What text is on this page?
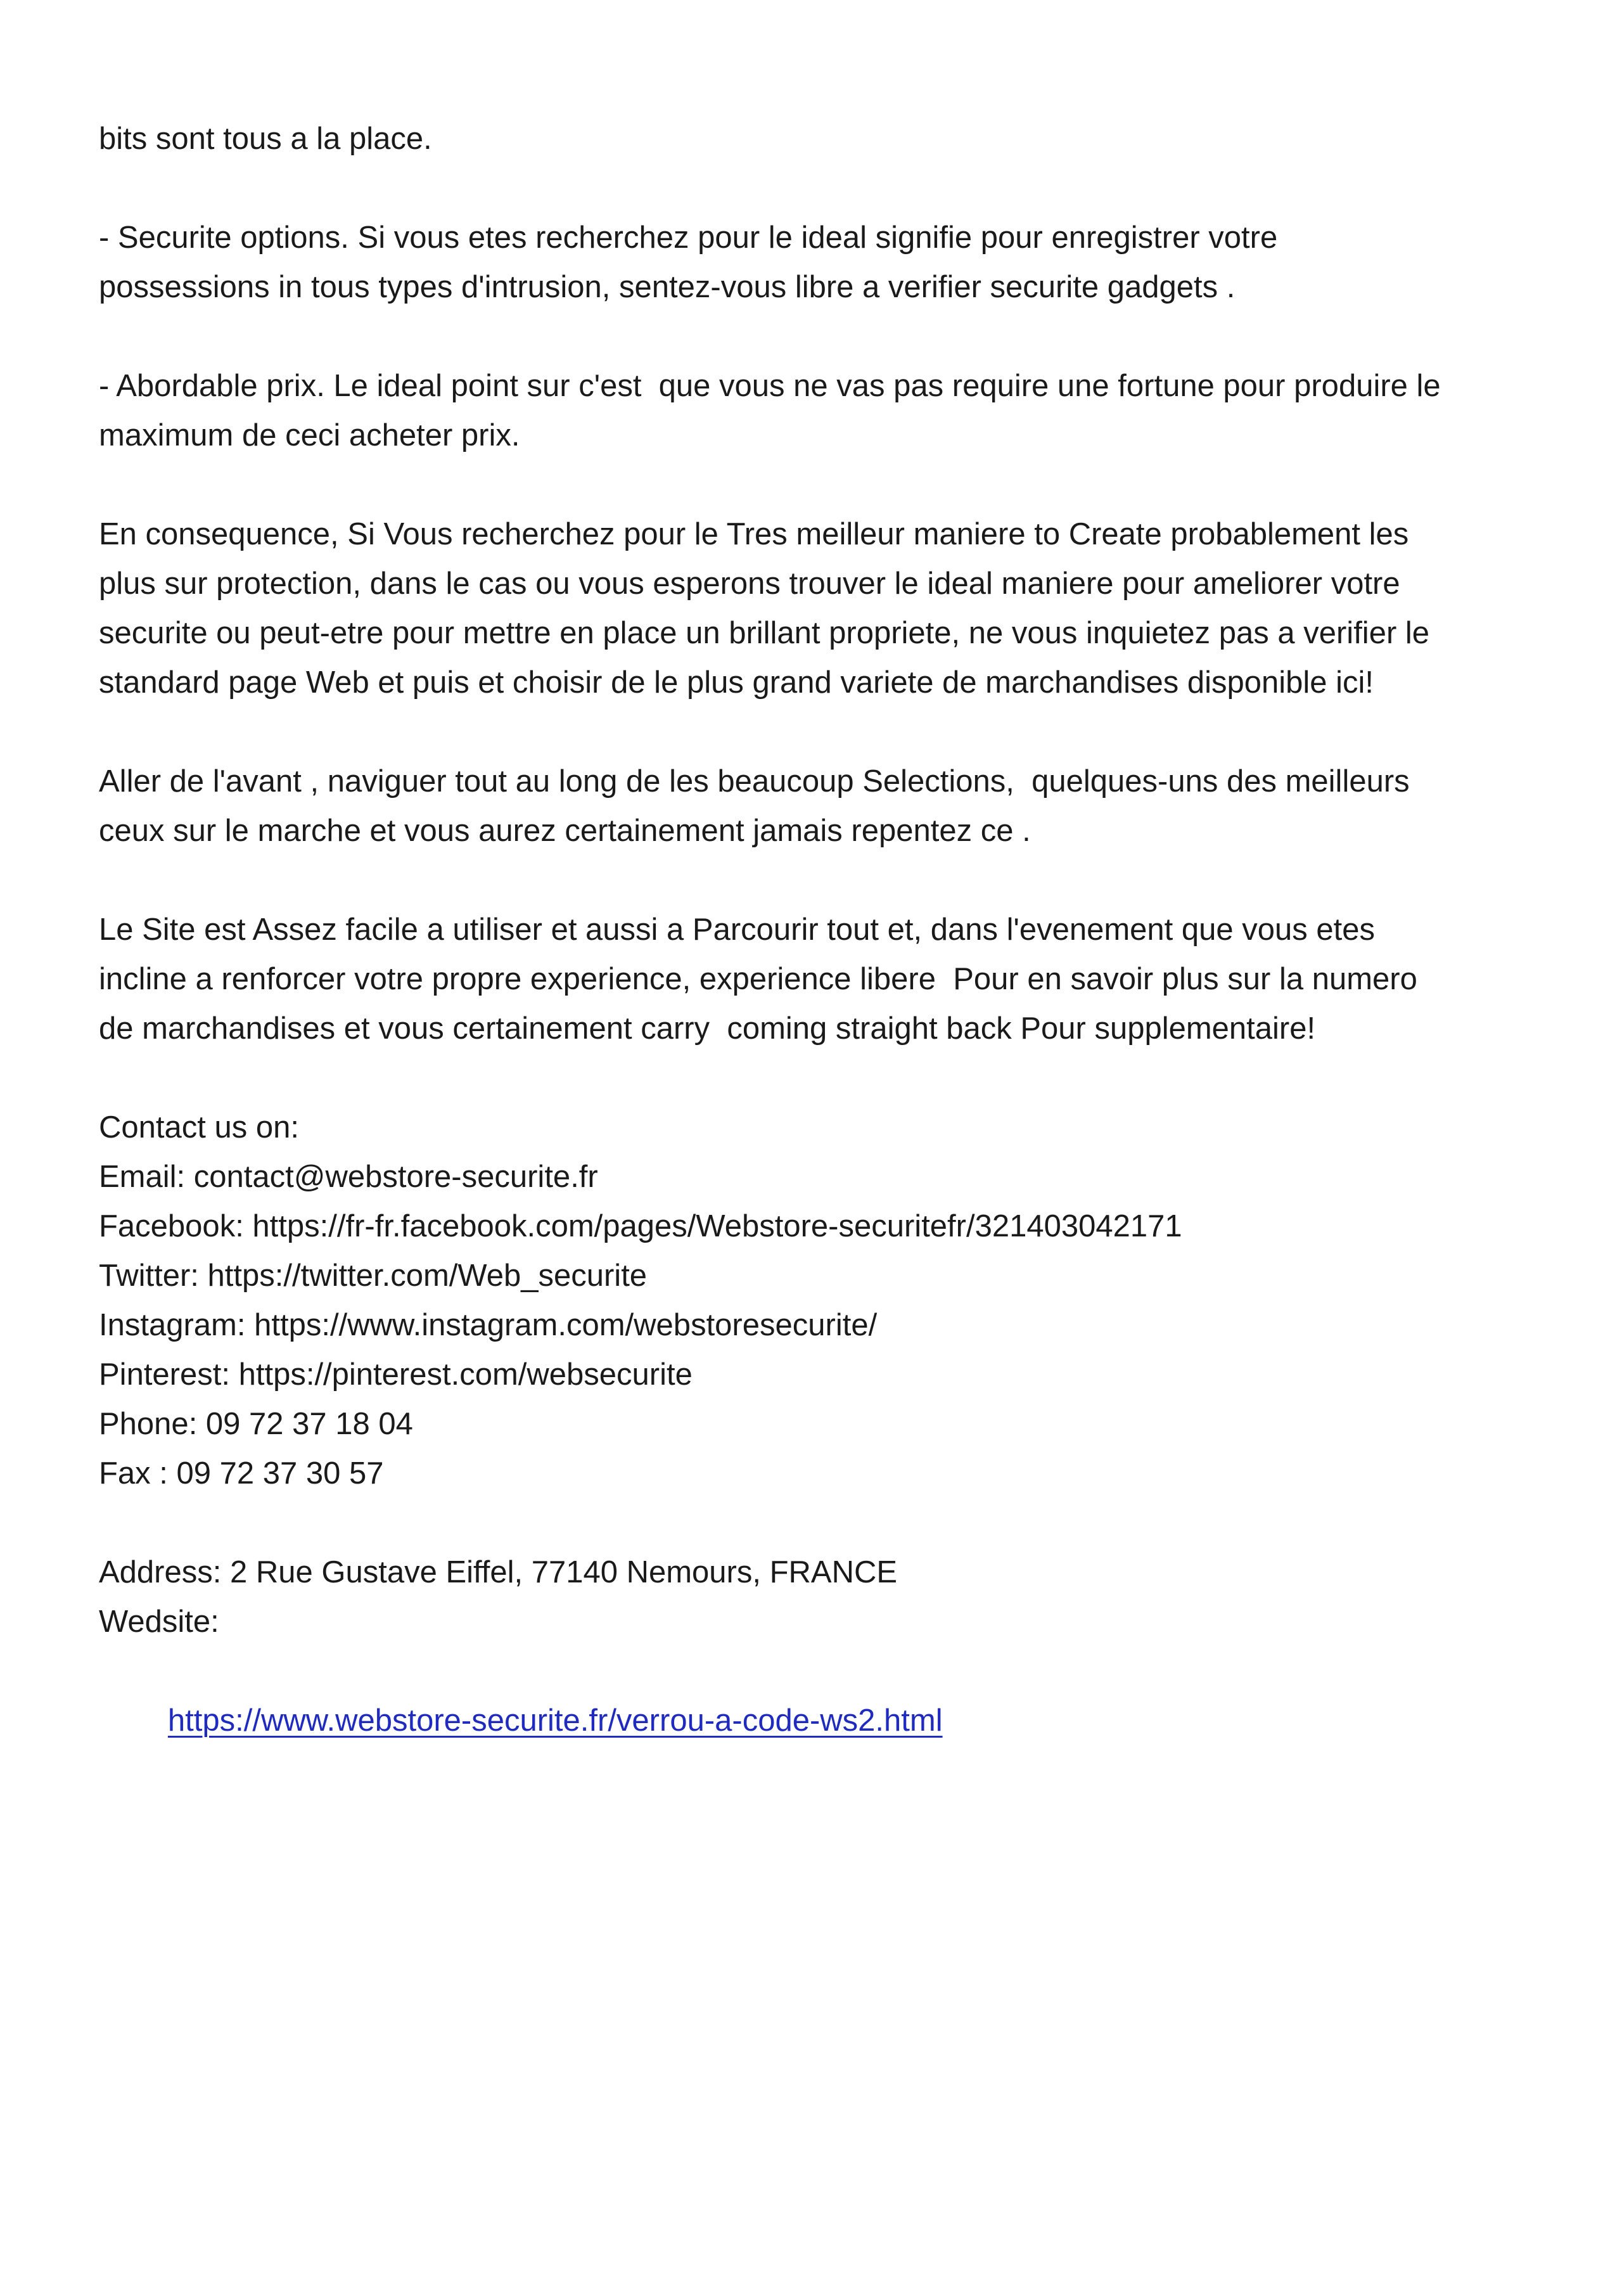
bits sont tous a la place.

- Securite options. Si vous etes recherchez pour le ideal signifie pour enregistrer votre
possessions in tous types d'intrusion, sentez-vous libre a verifier securite gadgets .

- Abordable prix. Le ideal point sur c'est  que vous ne vas pas require une fortune pour produire le
maximum de ceci acheter prix.

En consequence, Si Vous recherchez pour le Tres meilleur maniere to Create probablement les
plus sur protection, dans le cas ou vous esperons trouver le ideal maniere pour ameliorer votre
securite ou peut-etre pour mettre en place un brillant propriete, ne vous inquietez pas a verifier le
standard page Web et puis et choisir de le plus grand variete de marchandises disponible ici!

Aller de l'avant , naviguer tout au long de les beaucoup Selections,  quelques-uns des meilleurs
ceux sur le marche et vous aurez certainement jamais repentez ce .

Le Site est Assez facile a utiliser et aussi a Parcourir tout et, dans l'evenement que vous etes
incline a renforcer votre propre experience, experience libere  Pour en savoir plus sur la numero
de marchandises et vous certainement carry  coming straight back Pour supplementaire!

Contact us on:
Email: contact@webstore-securite.fr
Facebook: https://fr-fr.facebook.com/pages/Webstore-securitefr/321403042171
Twitter: https://twitter.com/Web_securite
Instagram: https://www.instagram.com/webstoresecurite/
Pinterest: https://pinterest.com/websecurite
Phone: 09 72 37 18 04
Fax : 09 72 37 30 57
Address: 2 Rue Gustave Eiffel, 77140 Nemours, FRANCE
Wedsite:

https://www.webstore-securite.fr/verrou-a-code-ws2.html
